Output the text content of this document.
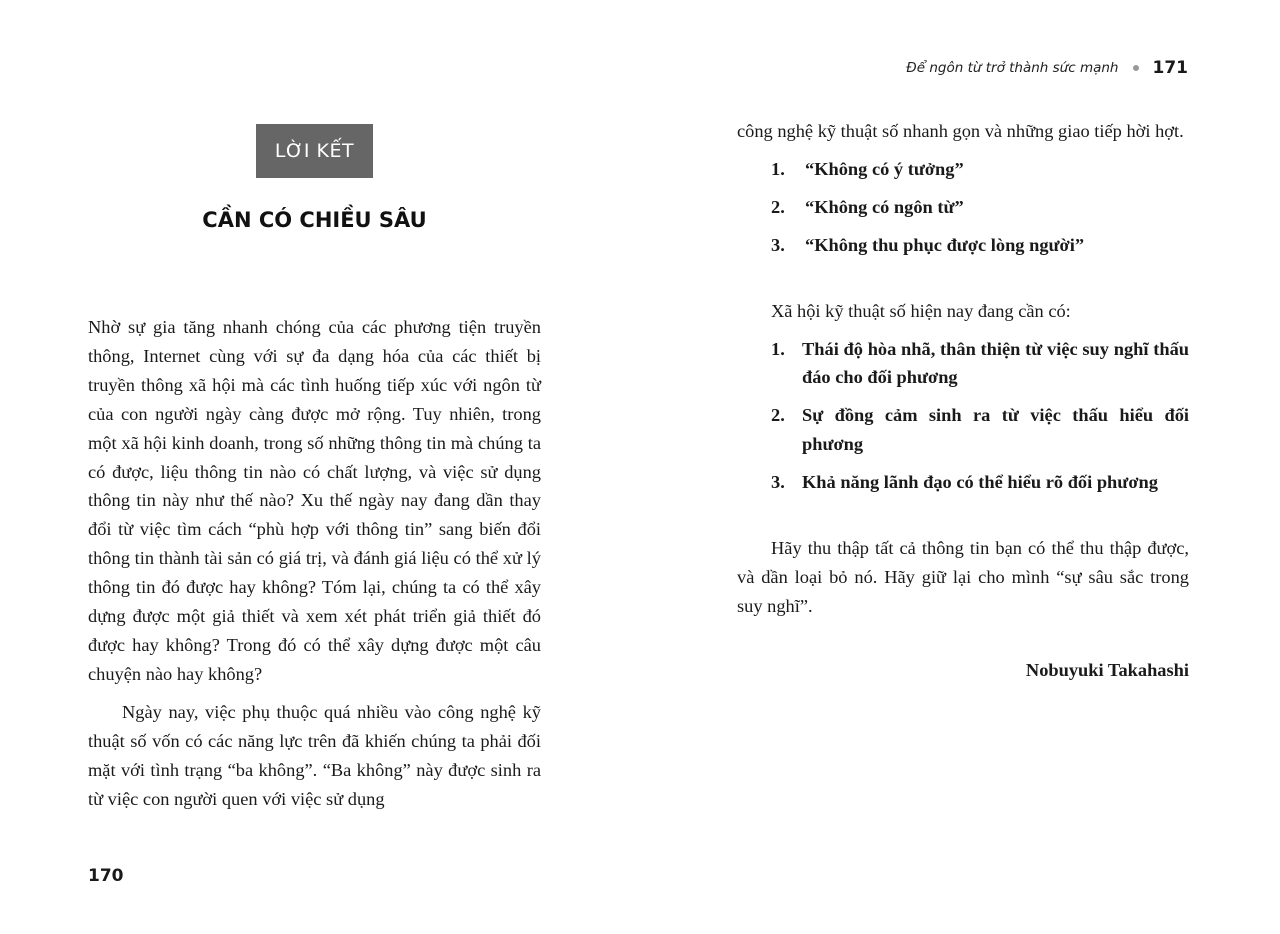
LỜI KẾT
CẦN CÓ CHIỀU SÂU

Nhờ sự gia tăng nhanh chóng của các phương tiện truyền thông, Internet cùng với sự đa dạng hóa của các thiết bị truyền thông xã hội mà các tình huống tiếp xúc với ngôn từ của con người ngày càng được mở rộng. Tuy nhiên, trong một xã hội kinh doanh, trong số những thông tin mà chúng ta có được, liệu thông tin nào có chất lượng, và việc sử dụng thông tin này như thế nào? Xu thế ngày nay đang dần thay đổi từ việc tìm cách “phù hợp với thông tin” sang biến đổi thông tin thành tài sản có giá trị, và đánh giá liệu có thể xử lý thông tin đó được hay không? Tóm lại, chúng ta có thể xây dựng được một giả thiết và xem xét phát triển giả thiết đó được hay không? Trong đó có thể xây dựng được một câu chuyện nào hay không?

Ngày nay, việc phụ thuộc quá nhiều vào công nghệ kỹ thuật số vốn có các năng lực trên đã khiến chúng ta phải đối mặt với tình trạng “ba không”. “Ba không” này được sinh ra từ việc con người quen với việc sử dụng

170
Để ngôn từ trở thành sức mạnh 171

công nghệ kỹ thuật số nhanh gọn và những giao tiếp hời hợt.

1.	“Không có ý tưởng”
2.	“Không có ngôn từ”
3.	“Không thu phục được lòng người”

Xã hội kỹ thuật số hiện nay đang cần có:

1. Thái độ hòa nhã, thân thiện từ việc suy nghĩ thấu đáo cho đối phương
2. Sự đồng cảm sinh ra từ việc thấu hiểu đối phương
3. Khả năng lãnh đạo có thể hiểu rõ đối phương

Hãy thu thập tất cả thông tin bạn có thể thu thập được, và dần loại bỏ nó. Hãy giữ lại cho mình “sự sâu sắc trong suy nghĩ”.

Nobuyuki Takahashi
